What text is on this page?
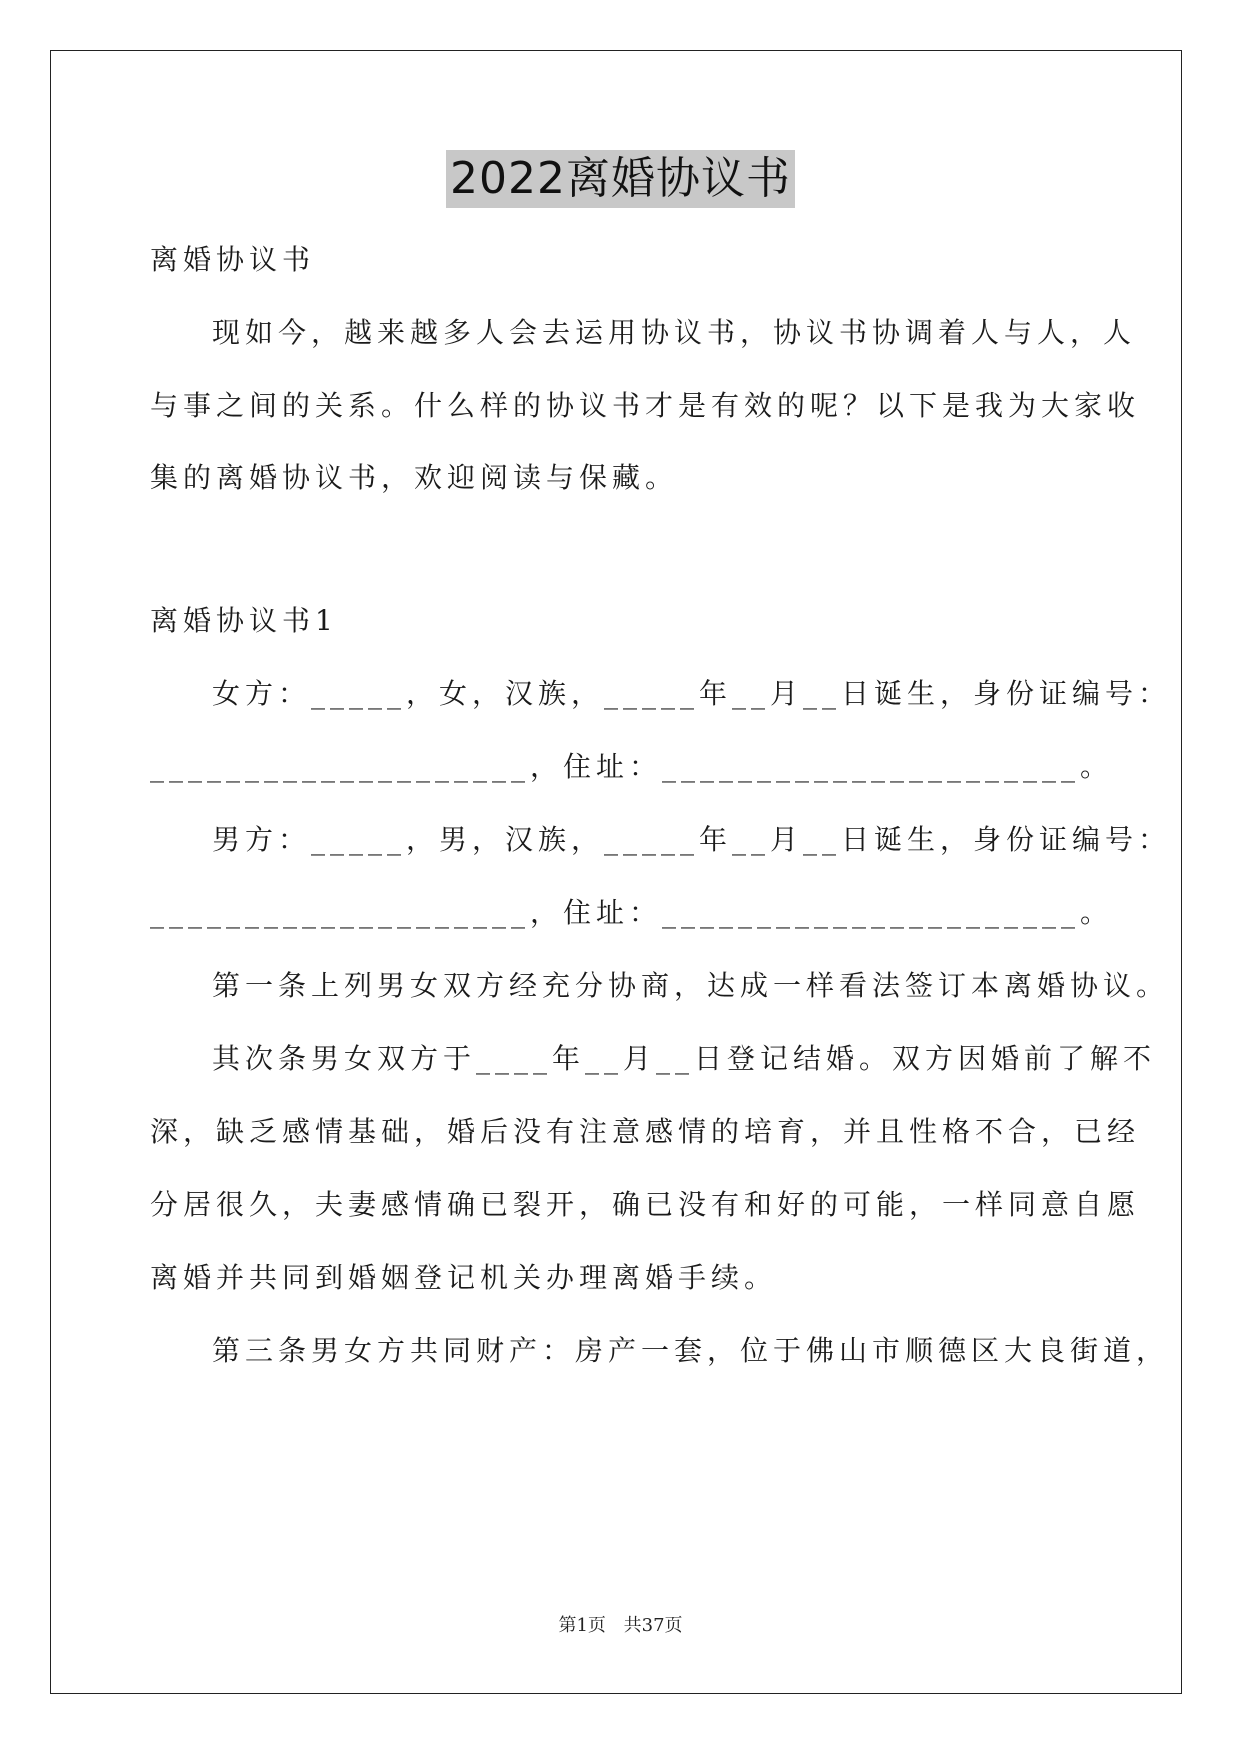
2022离婚协议书
离婚协议书
现如今，越来越多人会去运用协议书，协议书协调着人与人，人
与事之间的关系。什么样的协议书才是有效的呢？以下是我为大家收
集的离婚协议书，欢迎阅读与保藏。
离婚协议书1
女方：_____，女，汉族，_____年__月__日诞生，身份证编号：
____________________，住址：______________________。
男方：_____，男，汉族，_____年__月__日诞生，身份证编号：
____________________，住址：______________________。
第一条上列男女双方经充分协商，达成一样看法签订本离婚协议。
其次条男女双方于____年__月__日登记结婚。双方因婚前了解不
深，缺乏感情基础，婚后没有注意感情的培育，并且性格不合，已经
分居很久，夫妻感情确已裂开，确已没有和好的可能，一样同意自愿
离婚并共同到婚姻登记机关办理离婚手续。
第三条男女方共同财产：房产一套，位于佛山市顺德区大良街道，
第1页 共37页
